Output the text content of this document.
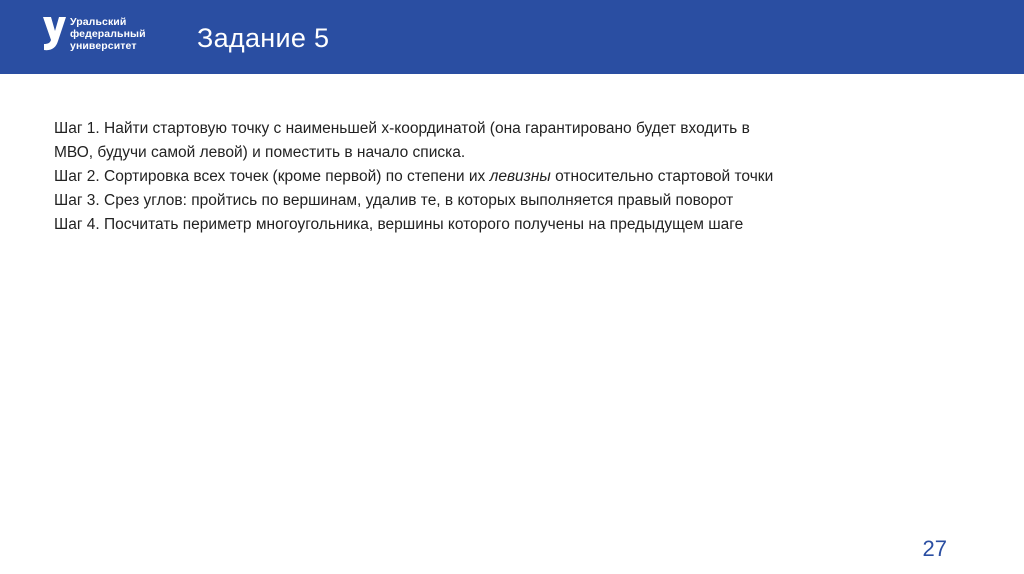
Уральский
федеральный
университет	Задание 5

Шаг 1. Найти стартовую точку с наименьшей x-координатой (она гарантировано будет входить в МВО, будучи самой левой) и поместить в начало списка.

Шаг 2. Сортировка всех точек (кроме первой) по степени их левизны относительно стартовой точки

Шаг 3. Срез углов: пройтись по вершинам, удалив те, в которых выполняется правый поворот

Шаг 4. Посчитать периметр многоугольника, вершины которого получены на предыдущем шаге

27
